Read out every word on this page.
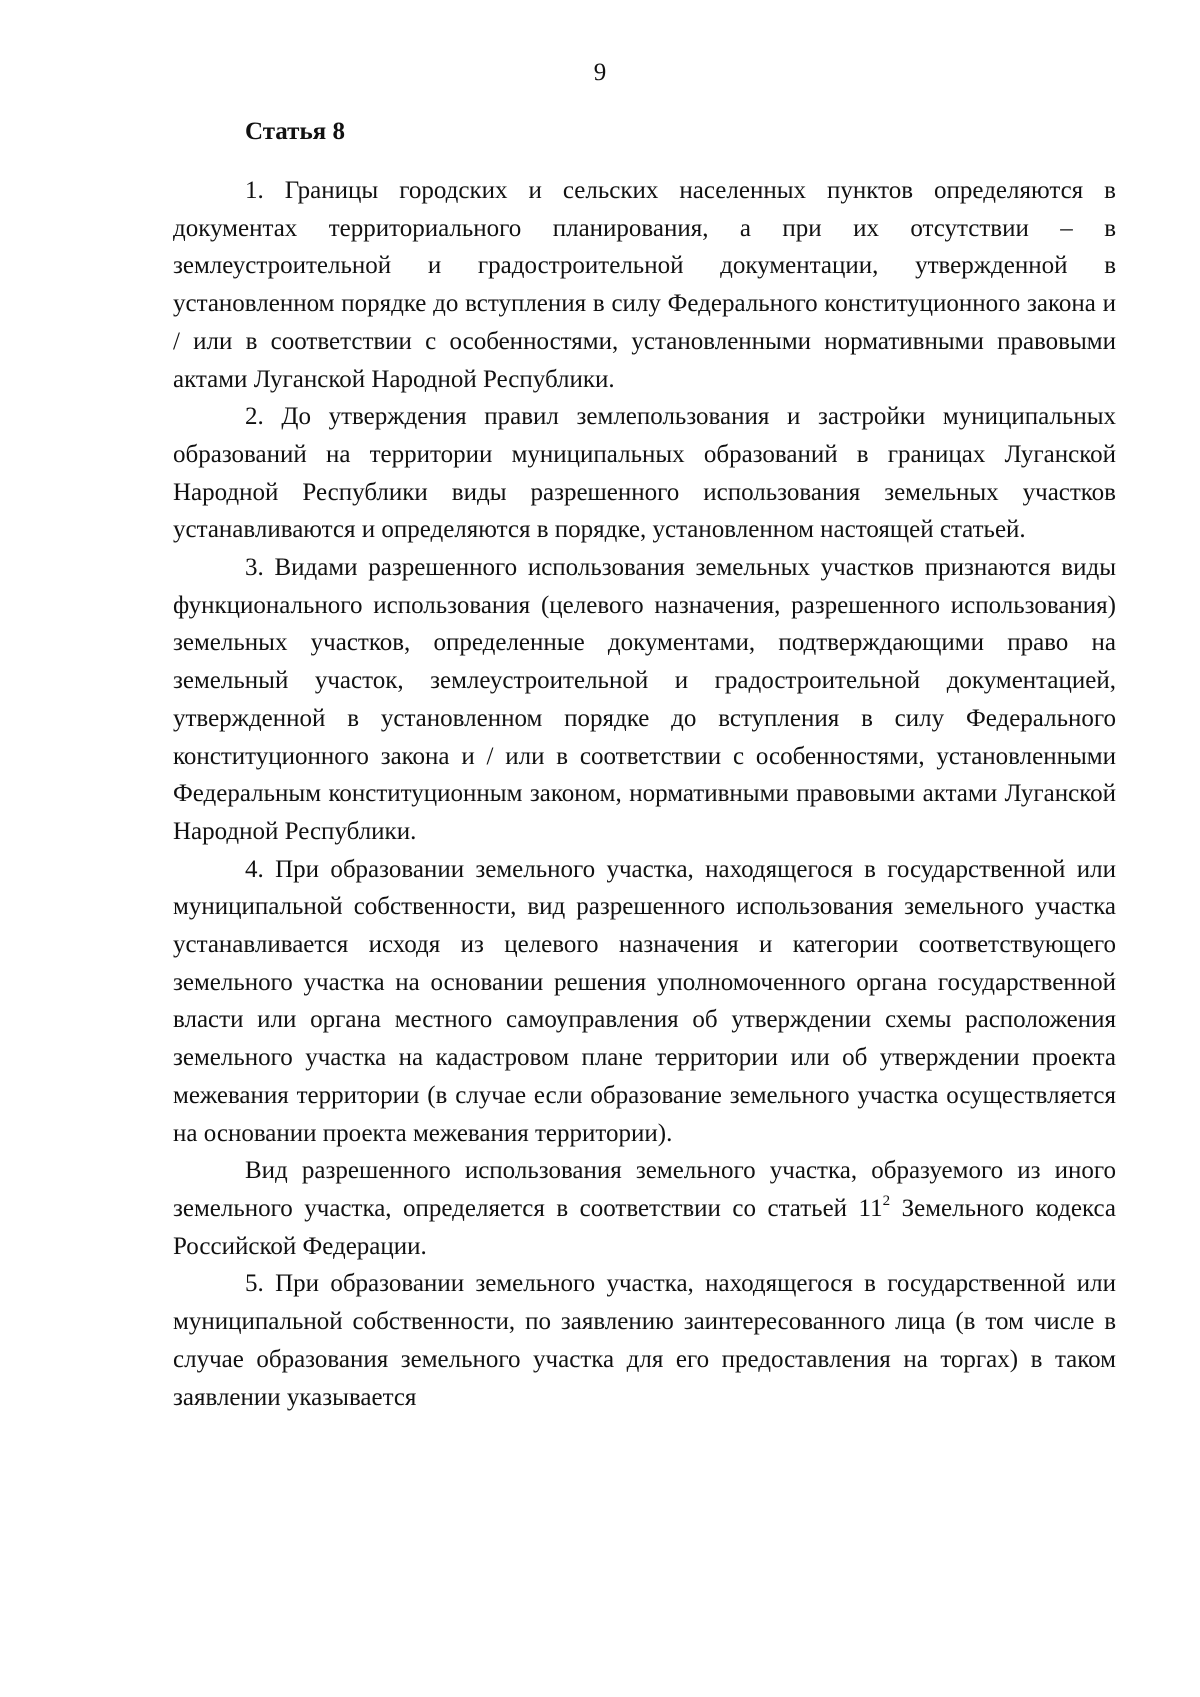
9
Статья 8

1. Границы городских и сельских населенных пунктов определяются в документах территориального планирования, а при их отсутствии – в землеустроительной и градостроительной документации, утвержденной в установленном порядке до вступления в силу Федерального конституционного закона и / или в соответствии с особенностями, установленными нормативными правовыми актами Луганской Народной Республики.

2. До утверждения правил землепользования и застройки муниципальных образований на территории муниципальных образований в границах Луганской Народной Республики виды разрешенного использования земельных участков устанавливаются и определяются в порядке, установленном настоящей статьей.

3. Видами разрешенного использования земельных участков признаются виды функционального использования (целевого назначения, разрешенного использования) земельных участков, определенные документами, подтверждающими право на земельный участок, землеустроительной и градостроительной документацией, утвержденной в установленном порядке до вступления в силу Федерального конституционного закона и / или в соответствии с особенностями, установленными Федеральным конституционным законом, нормативными правовыми актами Луганской Народной Республики.

4. При образовании земельного участка, находящегося в государственной или муниципальной собственности, вид разрешенного использования земельного участка устанавливается исходя из целевого назначения и категории соответствующего земельного участка на основании решения уполномоченного органа государственной власти или органа местного самоуправления об утверждении схемы расположения земельного участка на кадастровом плане территории или об утверждении проекта межевания территории (в случае если образование земельного участка осуществляется на основании проекта межевания территории).

Вид разрешенного использования земельного участка, образуемого из иного земельного участка, определяется в соответствии со статьей $11^2$ Земельного кодекса Российской Федерации.

5. При образовании земельного участка, находящегося в государственной или муниципальной собственности, по заявлению заинтересованного лица (в том числе в случае образования земельного участка для его предоставления на торгах) в таком заявлении указывается
